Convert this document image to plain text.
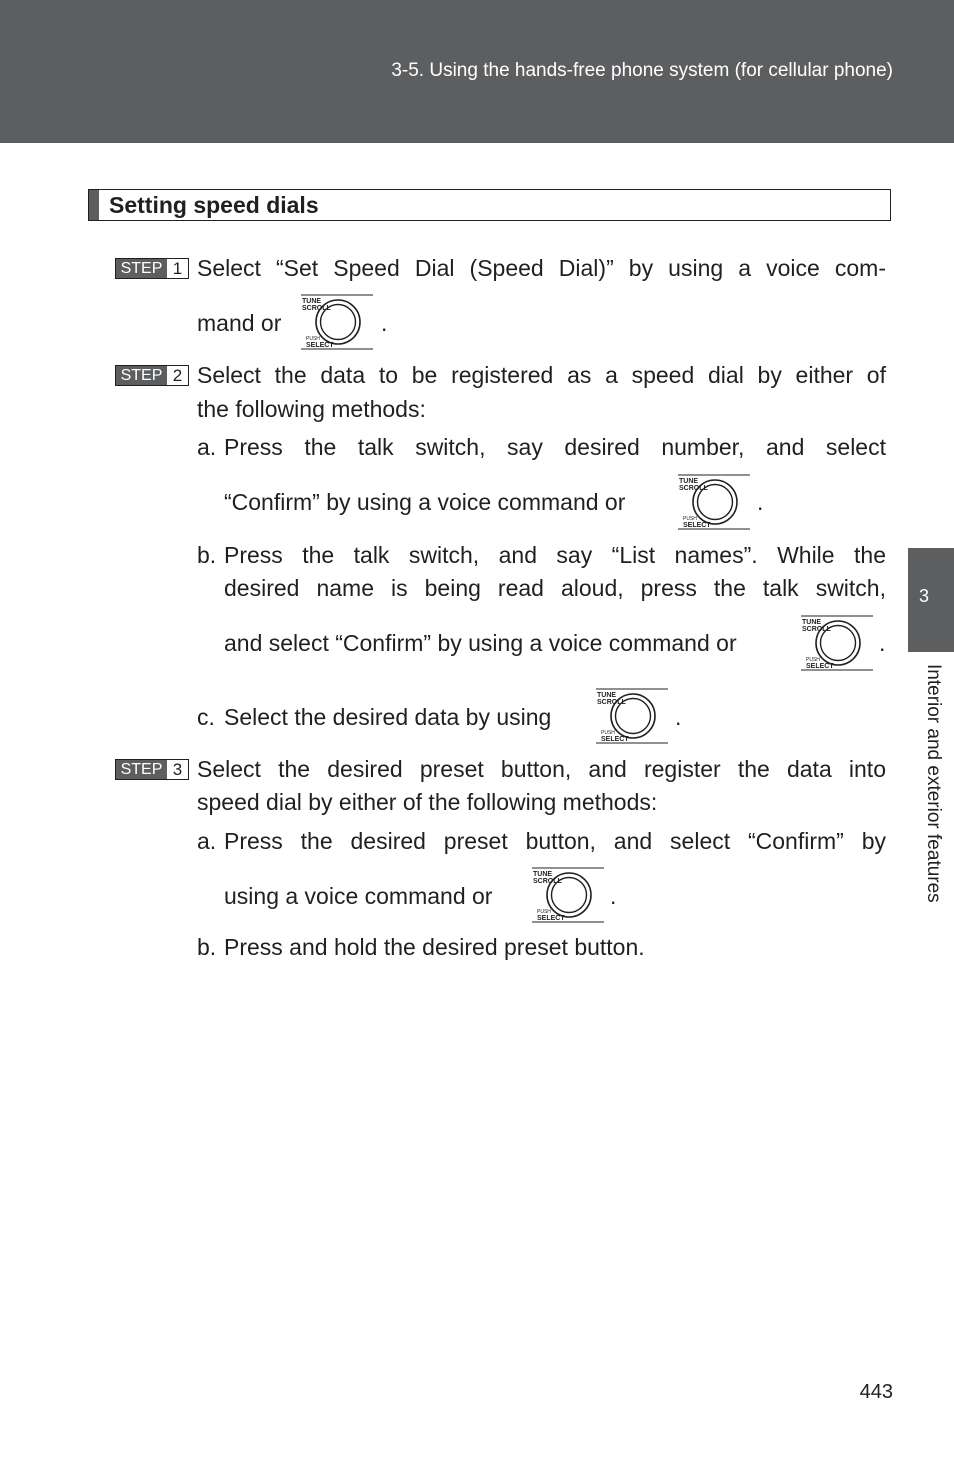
3-5. Using the hands-free phone system (for cellular phone)
3
Interior and exterior features
Setting speed dials
STEP 1 Select “Set Speed Dial (Speed Dial)” by using a voice com-
mand or
TUNE
SCROLL
PUSH
SELECT
.
STEP 2 Select the data to be registered as a speed dial by either of
the following methods:
a. Press the talk switch, say desired number, and select
“Confirm” by using a voice command or
TUNE
SCROLL
PUSH
SELECT
.
b. Press the talk switch, and say “List names”. While the
desired name is being read aloud, press the talk switch,
and select “Confirm” by using a voice command or
TUNE
SCROLL
PUSH
SELECT
.
c. Select the desired data by using
TUNE
SCROLL
PUSH
SELECT
.
STEP 3 Select the desired preset button, and register the data into
speed dial by either of the following methods:
a. Press the desired preset button, and select “Confirm” by
using a voice command or
TUNE
SCROLL
PUSH
SELECT
.
b. Press and hold the desired preset button.
443
